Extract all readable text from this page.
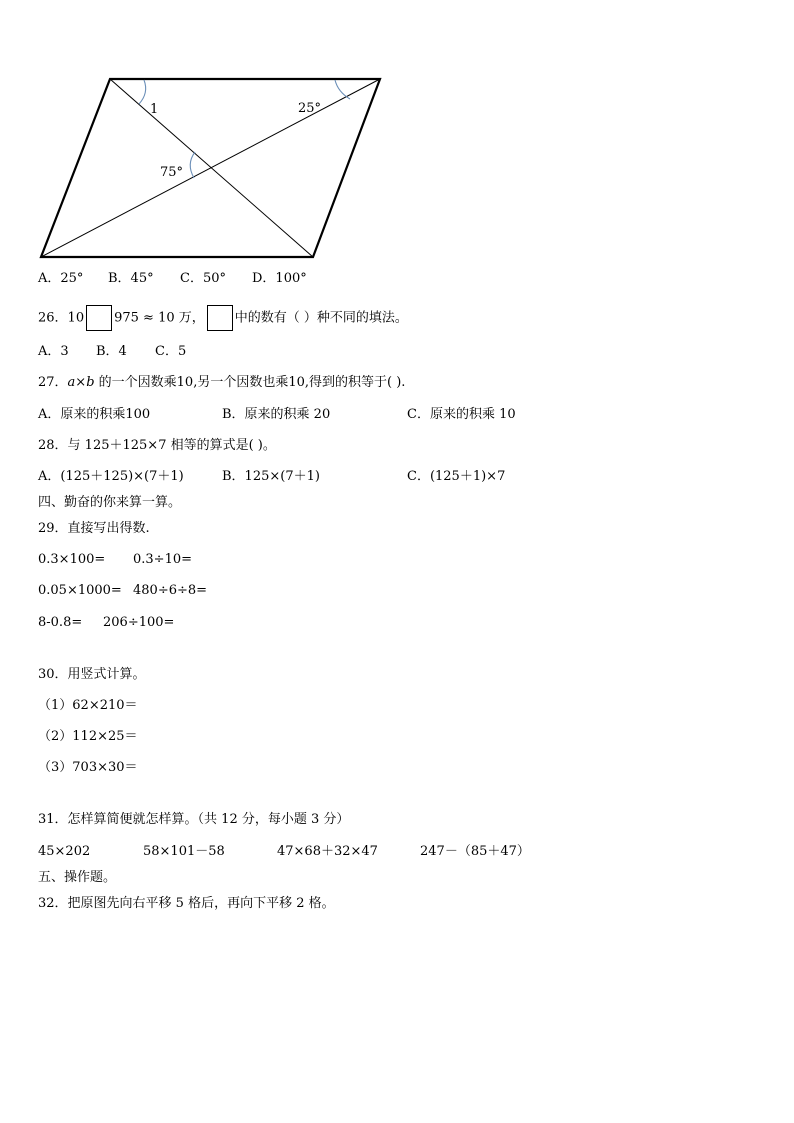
1	25°
75°
A．25° B．45° C．50° D．100°
26．10 975 ≈ 10 万， 中的数有（ ）种不同的填法。
A．3 B．4 C．5
27．a×b 的一个因数乘10,另一个因数也乘10,得到的积等于( ).
A．原来的积乘100	B．原来的积乘 20	C．原来的积乘 10
28．与 125＋125×7 相等的算式是( )。
A．(125＋125)×(7＋1)	B．125×(7＋1)	C．(125＋1)×7
四、勤奋的你来算一算。
29．直接写出得数.
0.3×100= 0.3÷10=
0.05×1000= 480÷6÷8=
8-0.8= 206÷100=
30．用竖式计算。
（1）62×210＝
（2）112×25＝
（3）703×30＝
31．怎样算简便就怎样算。（共 12 分，每小题 3 分）
45×202	58×101－58	47×68＋32×47	247－（85＋47）
五、操作题。
32．把原图先向右平移 5 格后，再向下平移 2 格。
